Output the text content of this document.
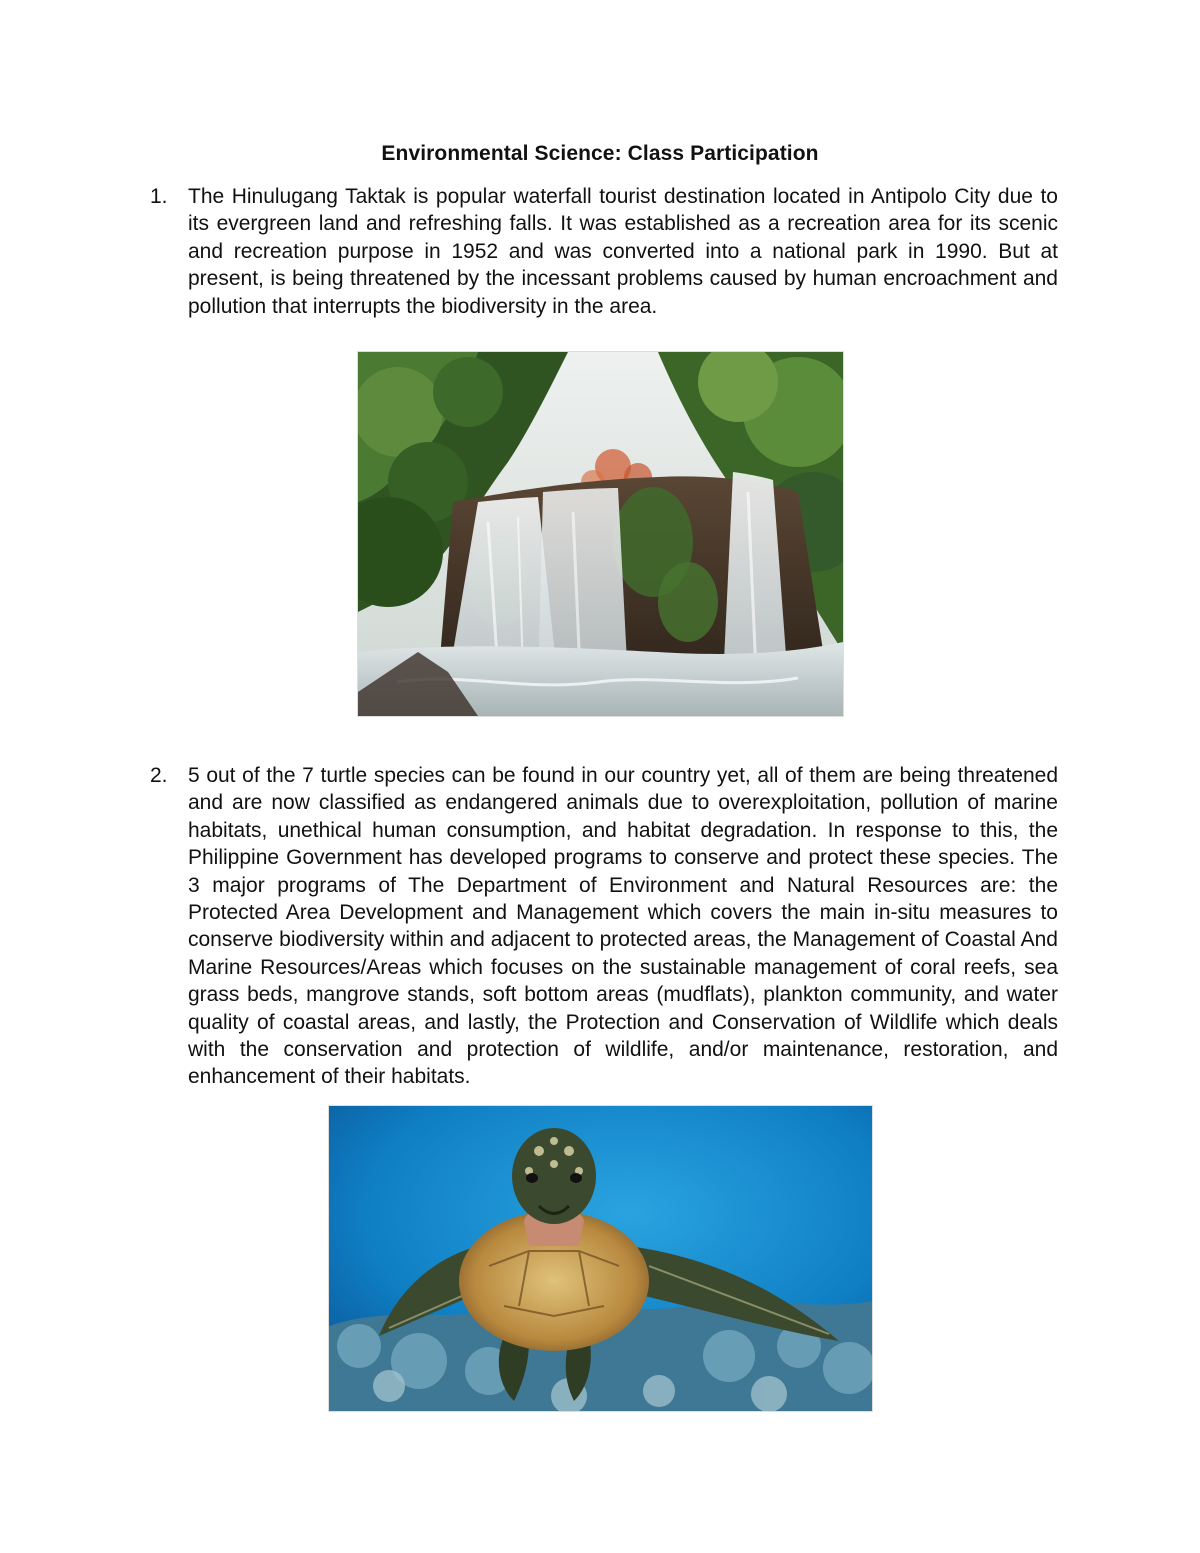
Environmental Science: Class Participation
1. The Hinulugang Taktak is popular waterfall tourist destination located in Antipolo City due to its evergreen land and refreshing falls. It was established as a recreation area for its scenic and recreation purpose in 1952 and was converted into a national park in 1990. But at present, is being threatened by the incessant problems caused by human encroachment and pollution that interrupts the biodiversity in the area.
2. 5 out of the 7 turtle species can be found in our country yet, all of them are being threatened and are now classified as endangered animals due to overexploitation, pollution of marine habitats, unethical human consumption, and habitat degradation. In response to this, the Philippine Government has developed programs to conserve and protect these species. The 3 major programs of The Department of Environment and Natural Resources are: the Protected Area Development and Management which covers the main in-situ measures to conserve biodiversity within and adjacent to protected areas, the Management of Coastal And Marine Resources/Areas which focuses on the sustainable management of coral reefs, sea grass beds, mangrove stands, soft bottom areas (mudflats), plankton community, and water quality of coastal areas, and lastly, the Protection and Conservation of Wildlife which deals with the conservation and protection of wildlife, and/or maintenance, restoration, and enhancement of their habitats.
